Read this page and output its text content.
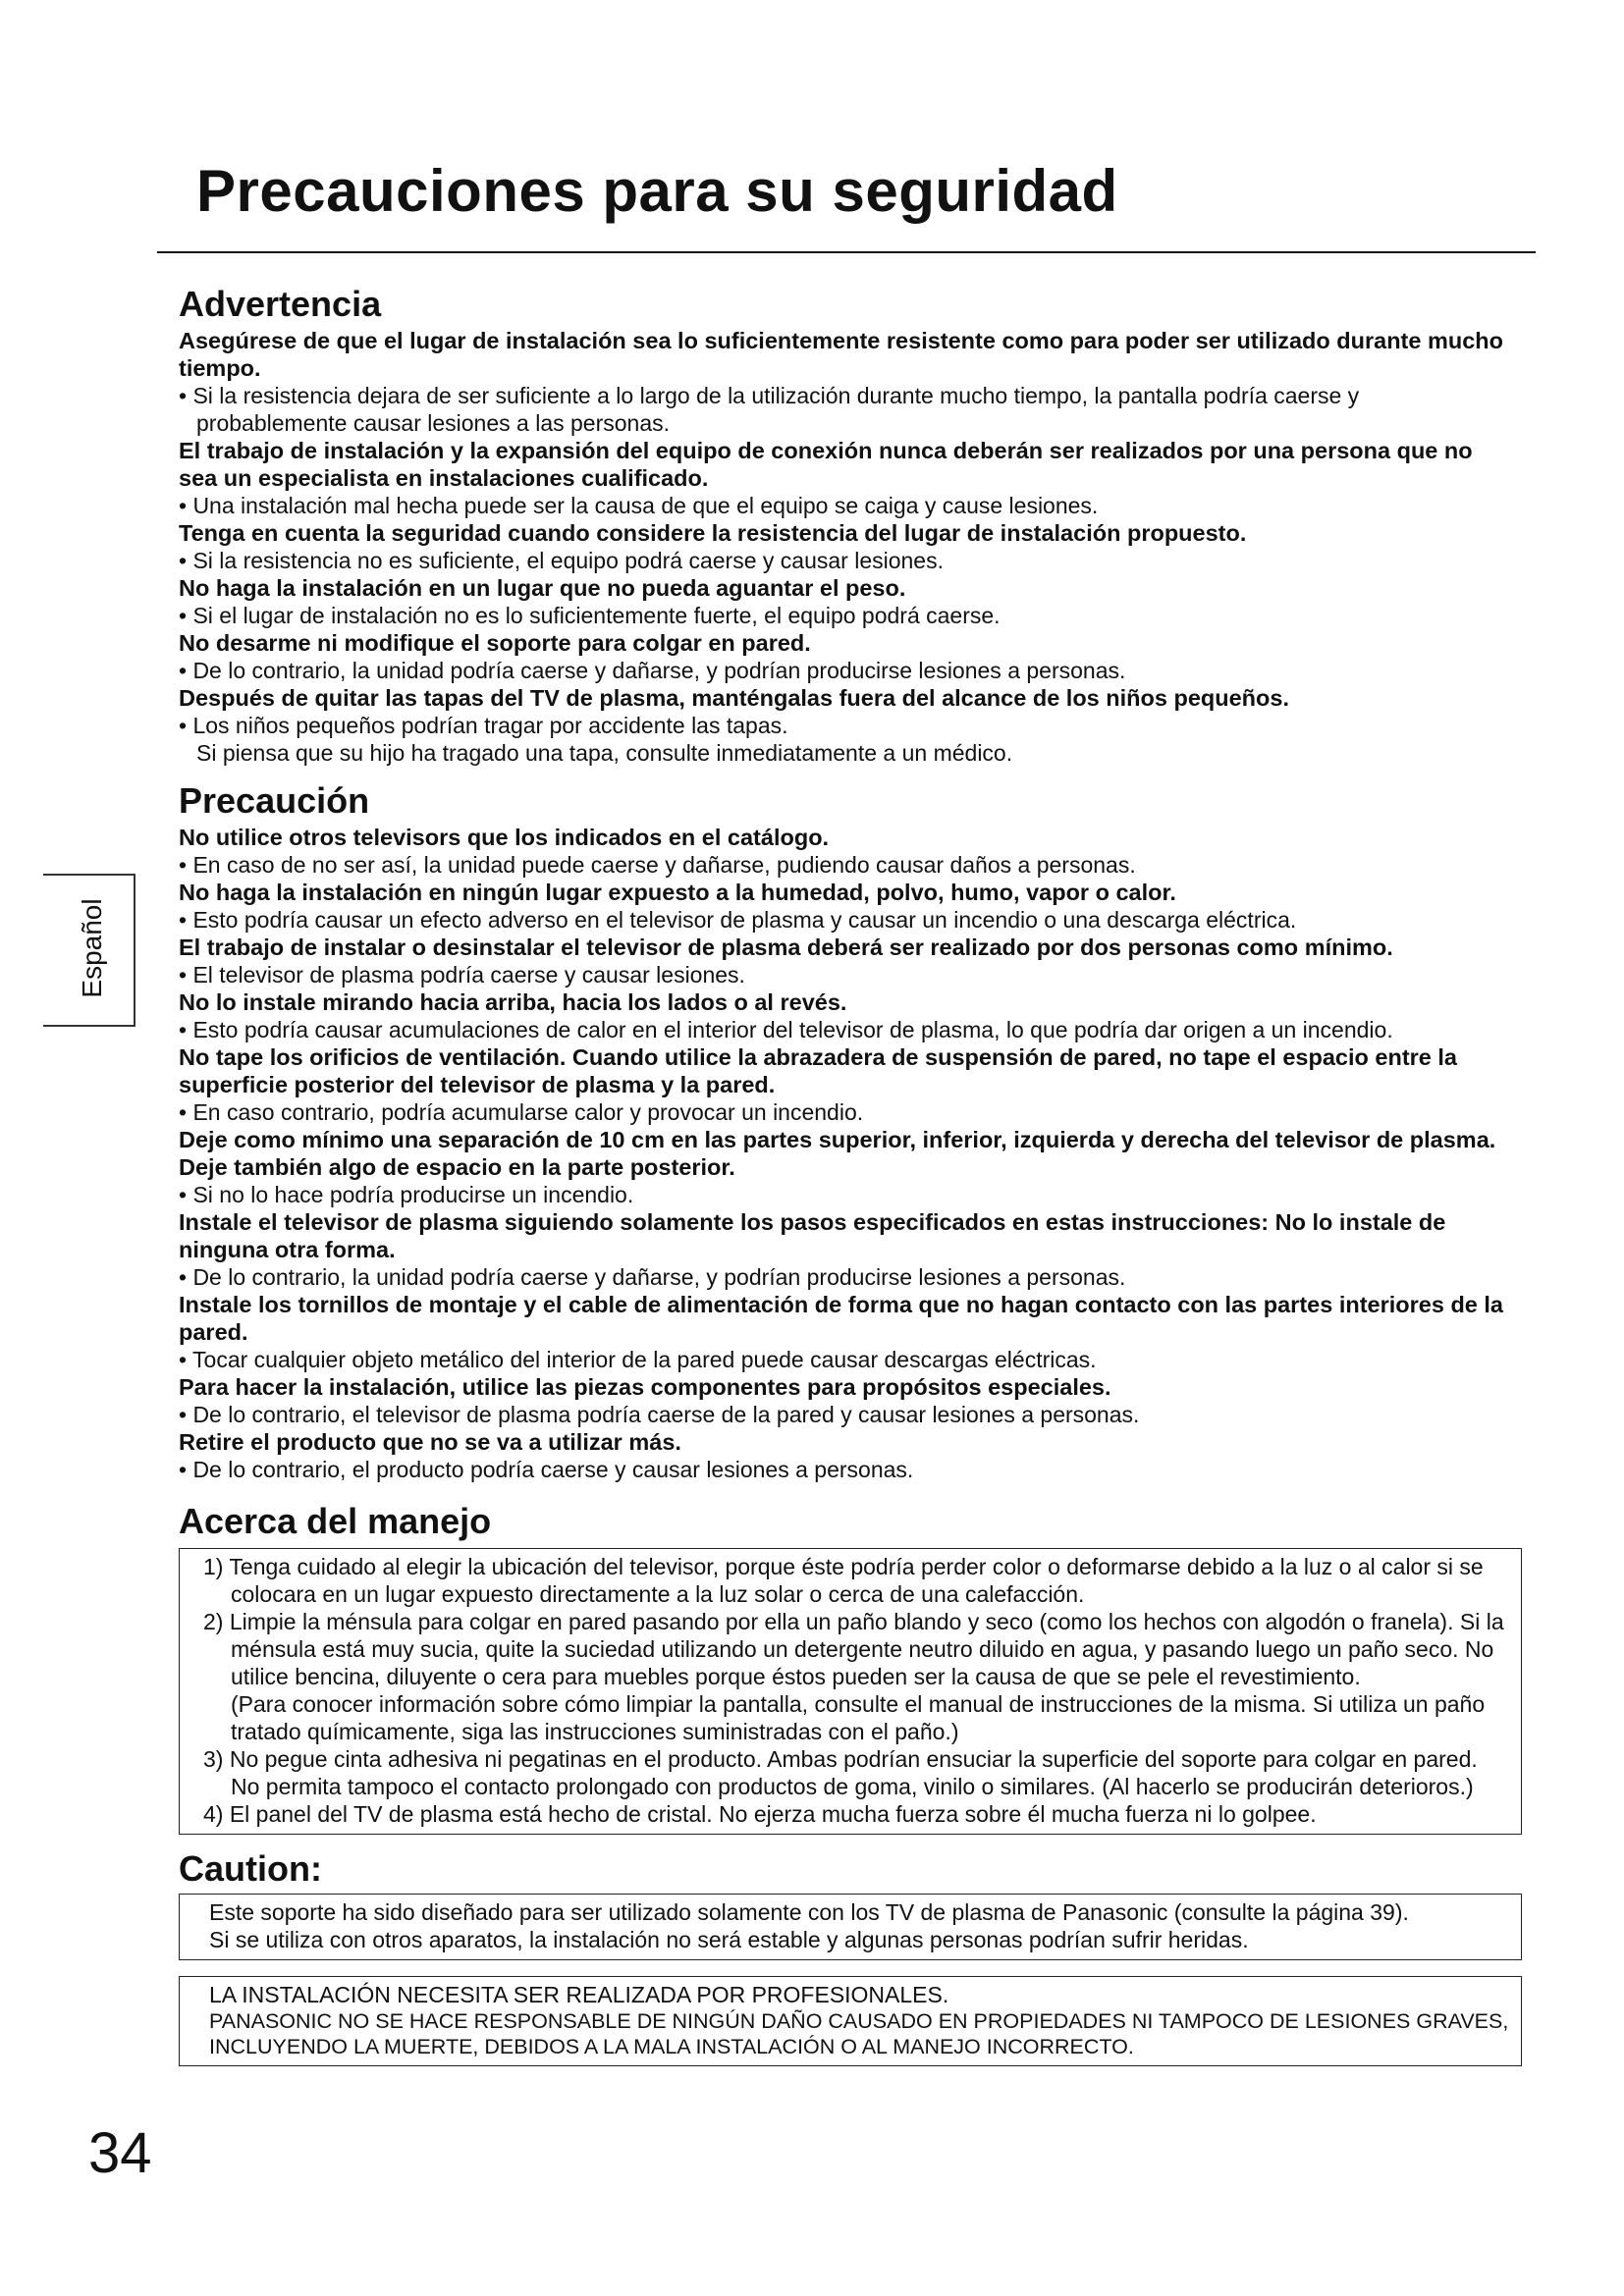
Precauciones para su seguridad
Español
Advertencia

Asegúrese de que el lugar de instalación sea lo suficientemente resistente como para poder ser utilizado durante mucho tiempo.

• Si la resistencia dejara de ser suficiente a lo largo de la utilización durante mucho tiempo, la pantalla podría caerse y probablemente causar lesiones a las personas.

El trabajo de instalación y la expansión del equipo de conexión nunca deberán ser realizados por una persona que no sea un especialista en instalaciones cualificado.

• Una instalación mal hecha puede ser la causa de que el equipo se caiga y cause lesiones.

Tenga en cuenta la seguridad cuando considere la resistencia del lugar de instalación propuesto.

• Si la resistencia no es suficiente, el equipo podrá caerse y causar lesiones.

No haga la instalación en un lugar que no pueda aguantar el peso.

• Si el lugar de instalación no es lo suficientemente fuerte, el equipo podrá caerse.

No desarme ni modifique el soporte para colgar en pared.

• De lo contrario, la unidad podría caerse y dañarse, y podrían producirse lesiones a personas.

Después de quitar las tapas del TV de plasma, manténgalas fuera del alcance de los niños pequeños.

• Los niños pequeños podrían tragar por accidente las tapas.

Si piensa que su hijo ha tragado una tapa, consulte inmediatamente a un médico.

Precaución

No utilice otros televisors que los indicados en el catálogo.

• En caso de no ser así, la unidad puede caerse y dañarse, pudiendo causar daños a personas.

No haga la instalación en ningún lugar expuesto a la humedad, polvo, humo, vapor o calor.

• Esto podría causar un efecto adverso en el televisor de plasma y causar un incendio o una descarga eléctrica.

El trabajo de instalar o desinstalar el televisor de plasma deberá ser realizado por dos personas como mínimo.

• El televisor de plasma podría caerse y causar lesiones.

No lo instale mirando hacia arriba, hacia los lados o al revés.

• Esto podría causar acumulaciones de calor en el interior del televisor de plasma, lo que podría dar origen a un incendio.

No tape los orificios de ventilación. Cuando utilice la abrazadera de suspensión de pared, no tape el espacio entre la superficie posterior del televisor de plasma y la pared.

• En caso contrario, podría acumularse calor y provocar un incendio.

Deje como mínimo una separación de 10 cm en las partes superior, inferior, izquierda y derecha del televisor de plasma. Deje también algo de espacio en la parte posterior.

• Si no lo hace podría producirse un incendio.

Instale el televisor de plasma siguiendo solamente los pasos especificados en estas instrucciones: No lo instale de ninguna otra forma.

• De lo contrario, la unidad podría caerse y dañarse, y podrían producirse lesiones a personas.

Instale los tornillos de montaje y el cable de alimentación de forma que no hagan contacto con las partes interiores de la pared.

• Tocar cualquier objeto metálico del interior de la pared puede causar descargas eléctricas.

Para hacer la instalación, utilice las piezas componentes para propósitos especiales.

• De lo contrario, el televisor de plasma podría caerse de la pared y causar lesiones a personas.

Retire el producto que no se va a utilizar más.

• De lo contrario, el producto podría caerse y causar lesiones a personas.

Acerca del manejo

1) Tenga cuidado al elegir la ubicación del televisor, porque éste podría perder color o deformarse debido a la luz o al calor si se colocara en un lugar expuesto directamente a la luz solar o cerca de una calefacción.

2) Limpie la ménsula para colgar en pared pasando por ella un paño blando y seco (como los hechos con algodón o franela). Si la ménsula está muy sucia, quite la suciedad utilizando un detergente neutro diluido en agua, y pasando luego un paño seco. No utilice bencina, diluyente o cera para muebles porque éstos pueden ser la causa de que se pele el revestimiento.

(Para conocer información sobre cómo limpiar la pantalla, consulte el manual de instrucciones de la misma. Si utiliza un paño tratado químicamente, siga las instrucciones suministradas con el paño.)

3) No pegue cinta adhesiva ni pegatinas en el producto. Ambas podrían ensuciar la superficie del soporte para colgar en pared. No permita tampoco el contacto prolongado con productos de goma, vinilo o similares. (Al hacerlo se producirán deterioros.)

4) El panel del TV de plasma está hecho de cristal. No ejerza mucha fuerza sobre él mucha fuerza ni lo golpee.

Caution:

Este soporte ha sido diseñado para ser utilizado solamente con los TV de plasma de Panasonic (consulte la página 39).

Si se utiliza con otros aparatos, la instalación no será estable y algunas personas podrían sufrir heridas.

LA INSTALACIÓN NECESITA SER REALIZADA POR PROFESIONALES.

PANASONIC NO SE HACE RESPONSABLE DE NINGÚN DAÑO CAUSADO EN PROPIEDADES NI TAMPOCO DE LESIONES GRAVES, INCLUYENDO LA MUERTE, DEBIDOS A LA MALA INSTALACIÓN O AL MANEJO INCORRECTO.

34
